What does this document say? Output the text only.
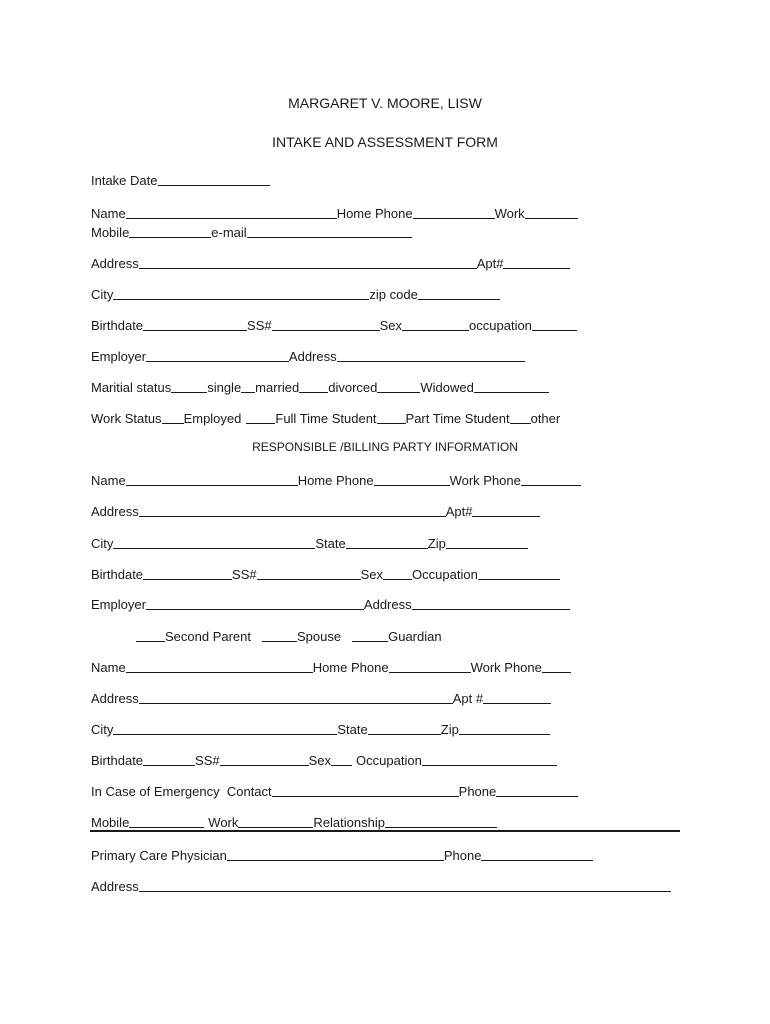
MARGARET V. MOORE, LISW
INTAKE AND ASSESSMENT FORM
Intake Date
Name	Home Phone	Work
Mobile	e-mail
Address	Apt#
City	zip code
Birthdate	SS#	Sex	occupation
Employer	Address
Maritial status	single married divorced	Widowed
Work Status Employed	Full Time Student Part Time Student other
RESPONSIBLE /BILLING PARTY INFORMATION
Name	Home Phone	Work Phone
Address	Apt#
City	State	Zip
Birthdate	SS#	Sex Occupation
Employer	Address
Second Parent	Spouse	Guardian
Name	Home Phone	Work Phone
Address	Apt #
City	State	Zip
Birthdate	SS#	Sex Occupation
In Case of Emergency  Contact	Phone
Mobile	Work	Relationship
Primary Care Physician	Phone
Address
